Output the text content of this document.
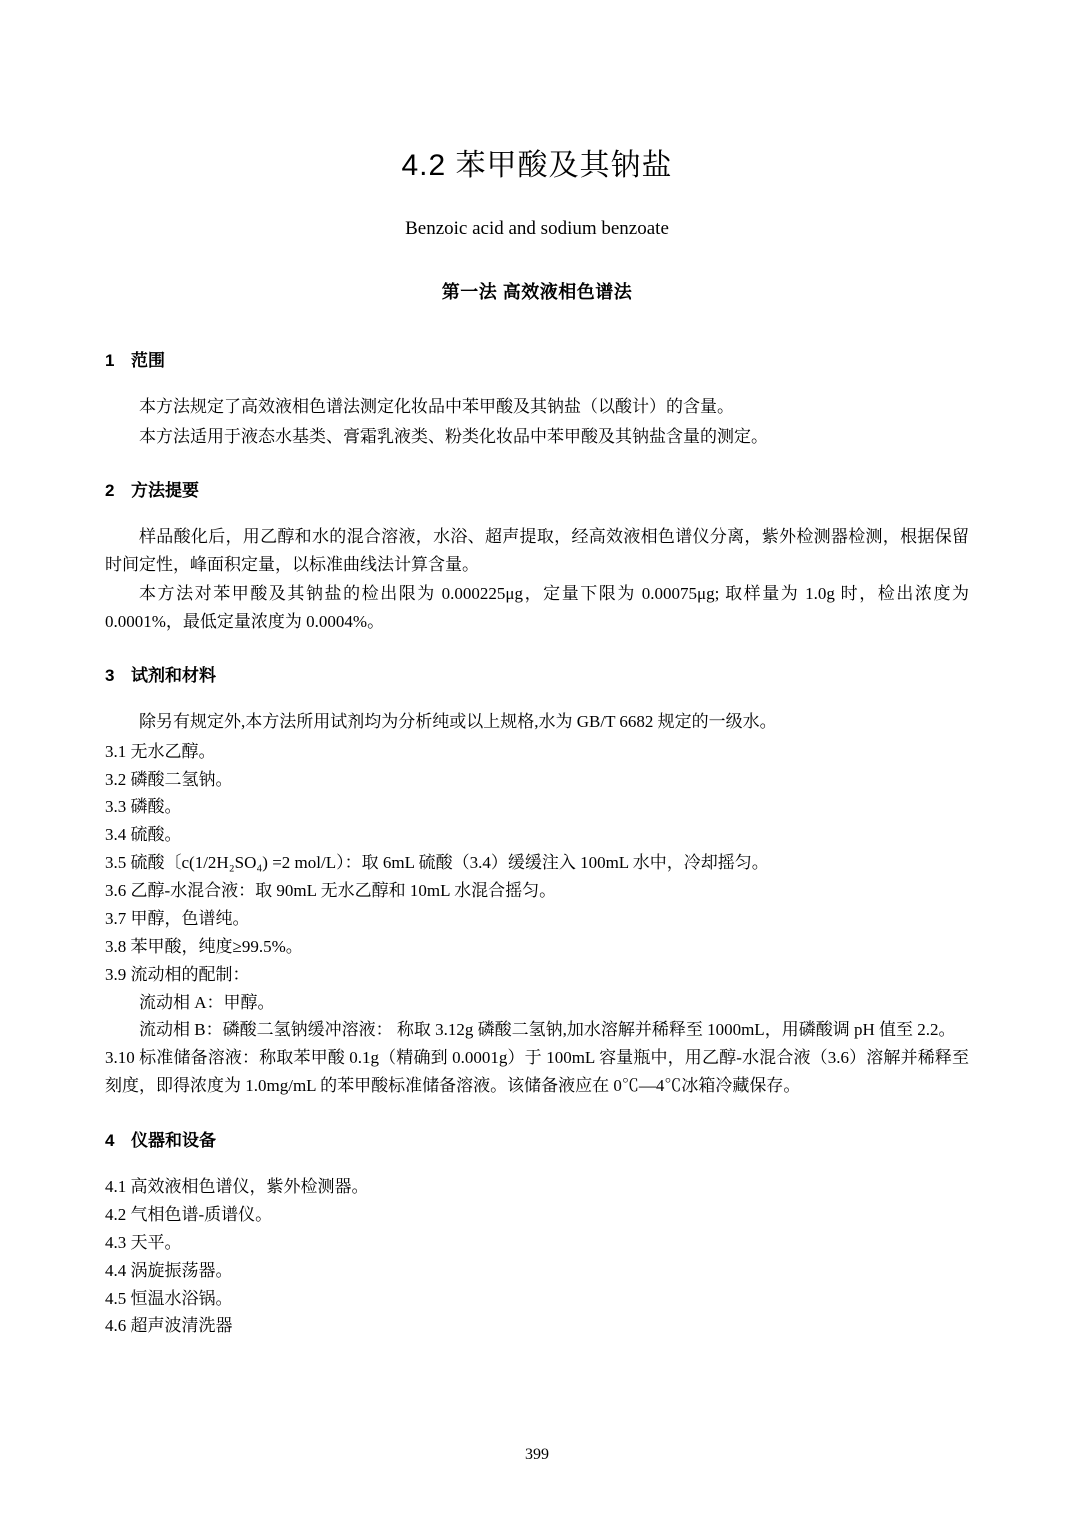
4.2 苯甲酸及其钠盐
Benzoic acid and sodium benzoate
第一法 高效液相色谱法
1 范围

本方法规定了高效液相色谱法测定化妆品中苯甲酸及其钠盐（以酸计）的含量。

本方法适用于液态水基类、膏霜乳液类、粉类化妆品中苯甲酸及其钠盐含量的测定。

2 方法提要

样品酸化后，用乙醇和水的混合溶液，水浴、超声提取，经高效液相色谱仪分离，紫外检测器检测，根据保留时间定性，峰面积定量，以标准曲线法计算含量。

本方法对苯甲酸及其钠盐的检出限为 0.000225μg，定量下限为 0.00075μg; 取样量为 1.0g 时，检出浓度为 0.0001%，最低定量浓度为 0.0004%。

3 试剂和材料

除另有规定外,本方法所用试剂均为分析纯或以上规格,水为 GB/T 6682 规定的一级水。

3.1 无水乙醇。

3.2 磷酸二氢钠。

3.3 磷酸。

3.4 硫酸。

3.5 硫酸〔c(1/2H₂SO₄) =2 mol/L）：取 6mL 硫酸（3.4）缓缓注入 100mL 水中，冷却摇匀。

3.6 乙醇-水混合液：取 90mL 无水乙醇和 10mL 水混合摇匀。

3.7 甲醇，色谱纯。

3.8 苯甲酸，纯度≥99.5%。

3.9 流动相的配制：

流动相 A：甲醇。

流动相 B：磷酸二氢钠缓冲溶液： 称取 3.12g 磷酸二氢钠,加水溶解并稀释至 1000mL，用磷酸调 pH 值至 2.2。

3.10 标准储备溶液：称取苯甲酸 0.1g（精确到 0.0001g）于 100mL 容量瓶中，用乙醇-水混合液（3.6）溶解并稀释至刻度，即得浓度为 1.0mg/mL 的苯甲酸标准储备溶液。该储备液应在 0℃—4℃冰箱冷藏保存。

4 仪器和设备

4.1 高效液相色谱仪，紫外检测器。

4.2 气相色谱-质谱仪。

4.3 天平。

4.4 涡旋振荡器。

4.5 恒温水浴锅。

4.6 超声波清洗器

399
